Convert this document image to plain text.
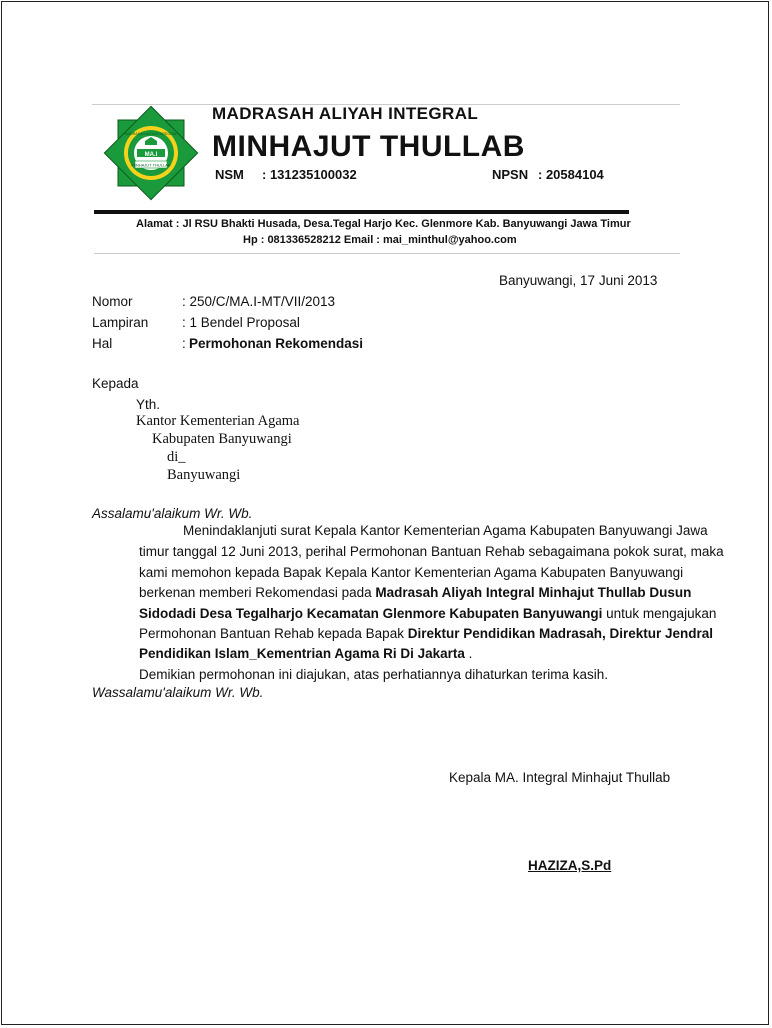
MA.I
MINHAJUT THULLAB
MADRASAH ALIYAH INTEGRAL
MADRASAH ALIYAH INTEGRAL
MINHAJUT THULLAB
NSM : 131235100032	NPSN : 20584104
Alamat : Jl RSU Bhakti Husada, Desa.Tegal Harjo Kec. Glenmore Kab. Banyuwangi Jawa Timur
Hp : 081336528212 Email : mai_minthul@yahoo.com
Banyuwangi, 17 Juni 2013
Nomor	: 250/C/MA.I-MT/VII/2013
Lampiran : 1 Bendel Proposal
Hal	: Permohonan Rekomendasi
Kepada
Yth.
Kantor Kementerian Agama
Kabupaten Banyuwangi
di_
Banyuwangi
Assalamu'alaikum Wr. Wb.
Menindaklanjuti surat Kepala Kantor Kementerian Agama Kabupaten Banyuwangi Jawa
timur tanggal 12 Juni 2013, perihal Permohonan Bantuan Rehab sebagaimana pokok surat, maka
kami memohon kepada Bapak Kepala Kantor Kementerian Agama Kabupaten Banyuwangi
berkenan memberi Rekomendasi pada Madrasah Aliyah Integral Minhajut Thullab Dusun
Sidodadi Desa Tegalharjo Kecamatan Glenmore Kabupaten Banyuwangi untuk mengajukan
Permohonan Bantuan Rehab kepada Bapak Direktur Pendidikan Madrasah, Direktur Jendral
Pendidikan Islam_Kementrian Agama Ri Di Jakarta .
Demikian permohonan ini diajukan, atas perhatiannya dihaturkan terima kasih.
Wassalamu'alaikum Wr. Wb.
Kepala MA. Integral Minhajut Thullab
HAZIZA,S.Pd
